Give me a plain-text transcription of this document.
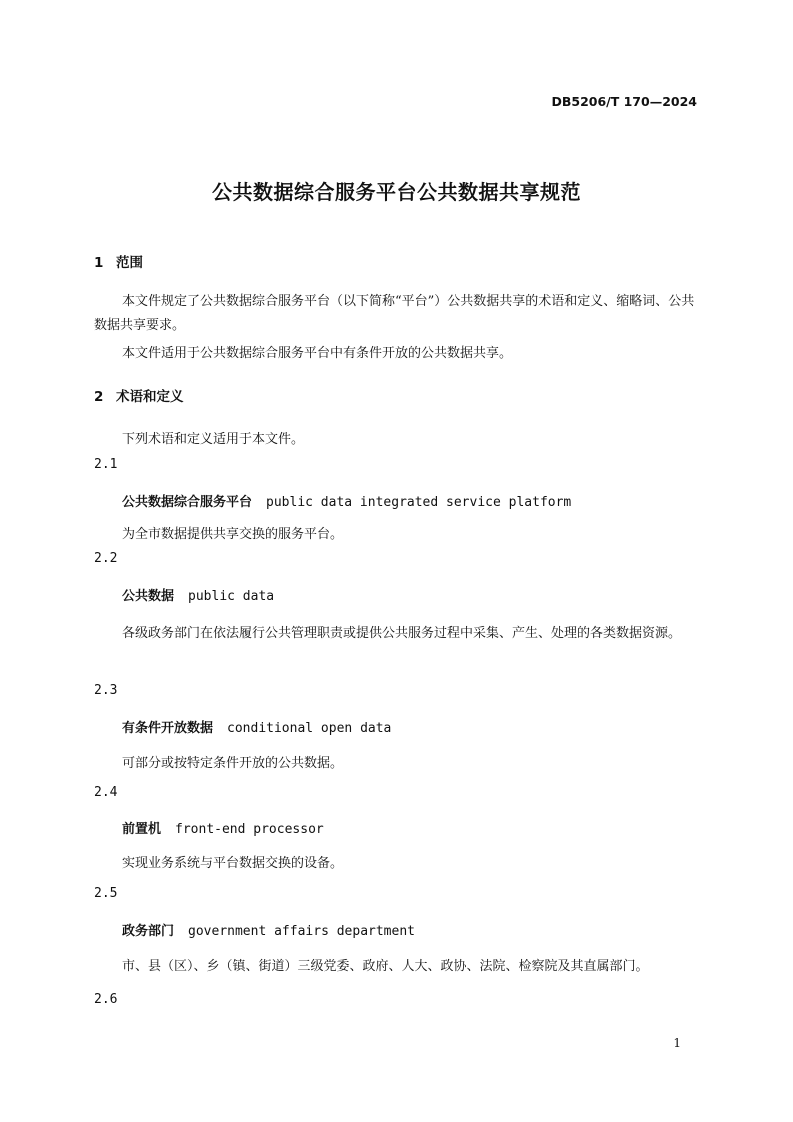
DB5206/T 170—2024
公共数据综合服务平台公共数据共享规范
1 范围
本文件规定了公共数据综合服务平台（以下简称“平台”）公共数据共享的术语和定义、缩略词、公共数据共享要求。
本文件适用于公共数据综合服务平台中有条件开放的公共数据共享。
2 术语和定义
下列术语和定义适用于本文件。
2.1
公共数据综合服务平台 public data integrated service platform
为全市数据提供共享交换的服务平台。
2.2
公共数据 public data
各级政务部门在依法履行公共管理职责或提供公共服务过程中采集、产生、处理的各类数据资源。
2.3
有条件开放数据 conditional open data
可部分或按特定条件开放的公共数据。
2.4
前置机 front-end processor
实现业务系统与平台数据交换的设备。
2.5
政务部门 government affairs department
市、县（区）、乡（镇、街道）三级党委、政府、人大、政协、法院、检察院及其直属部门。
2.6
1
